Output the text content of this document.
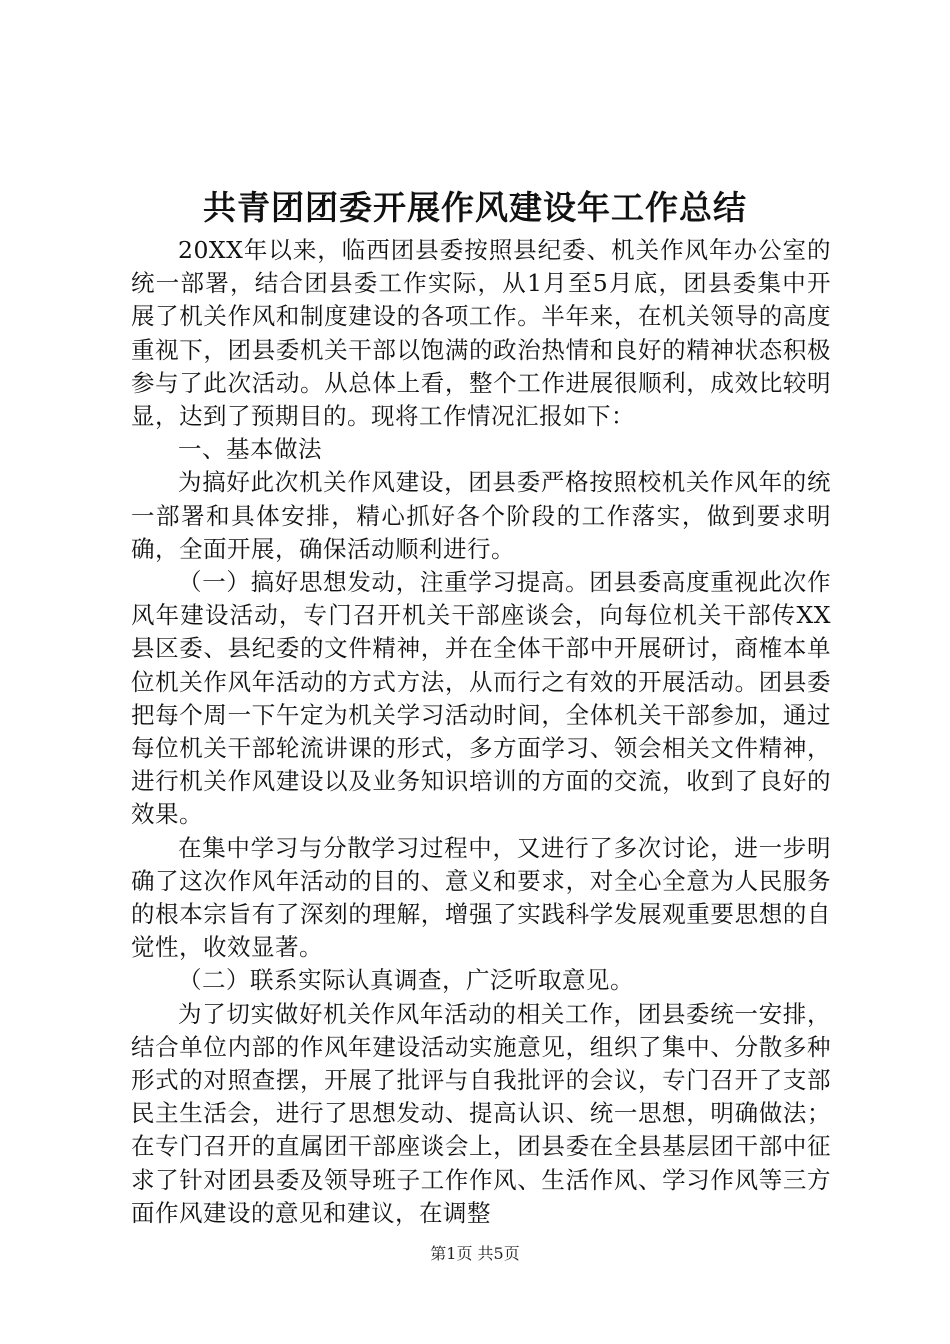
共青团团委开展作风建设年工作总结

20XX年以来，临西团县委按照县纪委、机关作风年办公室的统一部署，结合团县委工作实际，从1月至5月底，团县委集中开展了机关作风和制度建设的各项工作。半年来，在机关领导的高度重视下，团县委机关干部以饱满的政治热情和良好的精神状态积极参与了此次活动。从总体上看，整个工作进展很顺利，成效比较明显，达到了预期目的。现将工作情况汇报如下：

一、基本做法

为搞好此次机关作风建设，团县委严格按照校机关作风年的统一部署和具体安排，精心抓好各个阶段的工作落实，做到要求明确，全面开展，确保活动顺利进行。

（一）搞好思想发动，注重学习提高。团县委高度重视此次作风年建设活动，专门召开机关干部座谈会，向每位机关干部传XX县区委、县纪委的文件精神，并在全体干部中开展研讨，商榷本单位机关作风年活动的方式方法，从而行之有效的开展活动。团县委把每个周一下午定为机关学习活动时间，全体机关干部参加，通过每位机关干部轮流讲课的形式，多方面学习、领会相关文件精神，进行机关作风建设以及业务知识培训的方面的交流，收到了良好的效果。

在集中学习与分散学习过程中，又进行了多次讨论，进一步明确了这次作风年活动的目的、意义和要求，对全心全意为人民服务的根本宗旨有了深刻的理解，增强了实践科学发展观重要思想的自觉性，收效显著。

（二）联系实际认真调查，广泛听取意见。

为了切实做好机关作风年活动的相关工作，团县委统一安排，结合单位内部的作风年建设活动实施意见，组织了集中、分散多种形式的对照查摆，开展了批评与自我批评的会议，专门召开了支部民主生活会，进行了思想发动、提高认识、统一思想，明确做法；在专门召开的直属团干部座谈会上，团县委在全县基层团干部中征求了针对团县委及领导班子工作作风、生活作风、学习作风等三方面作风建设的意见和建议，在调整

第1页 共5页
